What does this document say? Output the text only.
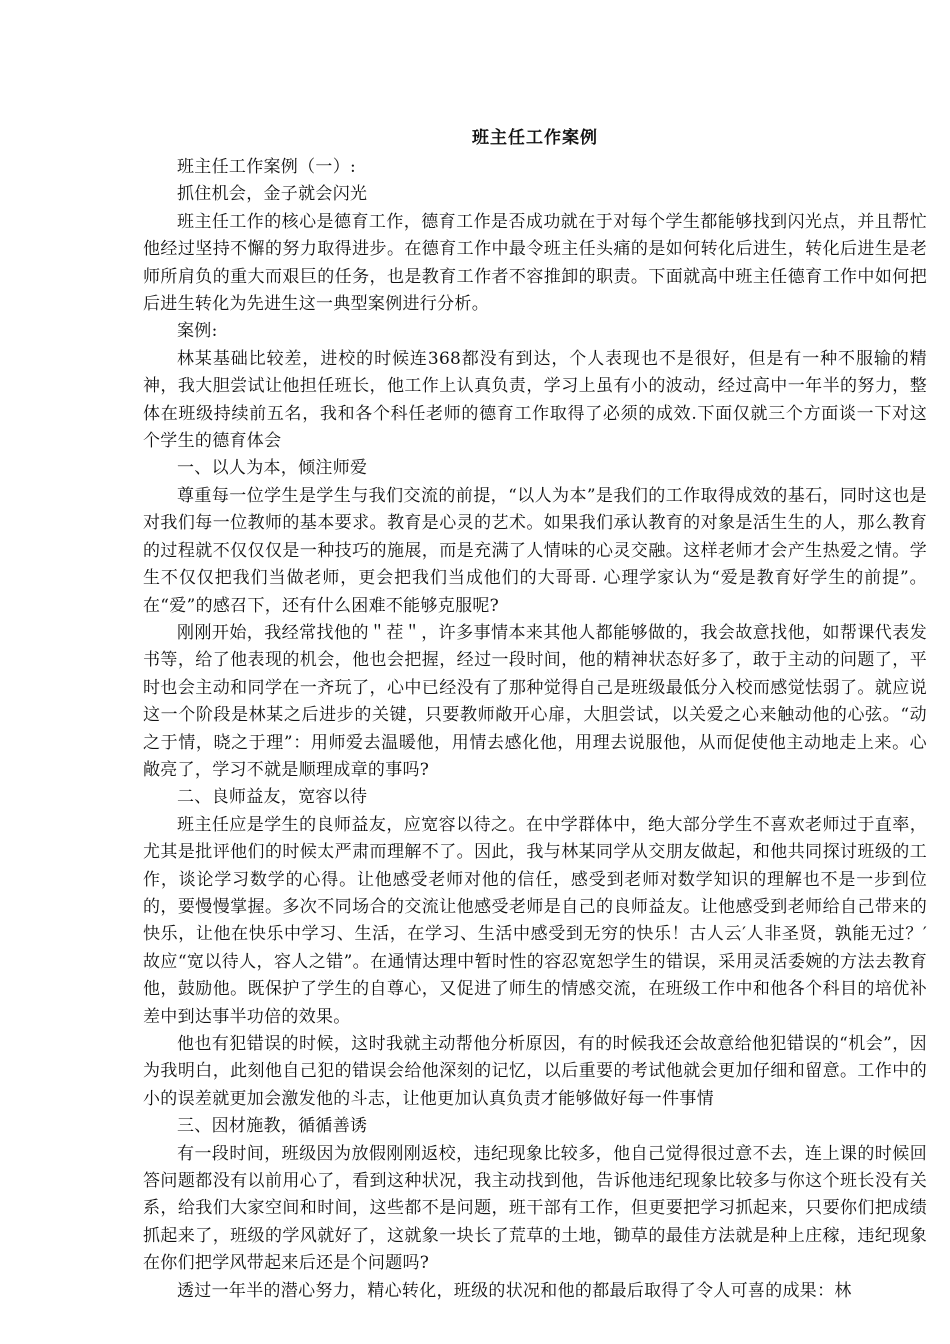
班主任工作案例

班主任工作案例（一）:

抓住机会，金子就会闪光

班主任工作的核心是德育工作，德育工作是否成功就在于对每个学生都能够找到闪光点，并且帮忙他经过坚持不懈的努力取得进步。在德育工作中最令班主任头痛的是如何转化后进生，转化后进生是老师所肩负的重大而艰巨的任务，也是教育工作者不容推卸的职责。下面就高中班主任德育工作中如何把后进生转化为先进生这一典型案例进行分析。

案例:

林某基础比较差，进校的时候连368都没有到达，个人表现也不是很好，但是有一种不服输的精神，我大胆尝试让他担任班长，他工作上认真负责，学习上虽有小的波动，经过高中一年半的努力，整体在班级持续前五名，我和各个科任老师的德育工作取得了必须的成效.下面仅就三个方面谈一下对这个学生的德育体会

一、以人为本，倾注师爱

尊重每一位学生是学生与我们交流的前提，“以人为本”是我们的工作取得成效的基石，同时这也是对我们每一位教师的基本要求。教育是心灵的艺术。如果我们承认教育的对象是活生生的人，那么教育的过程就不仅仅仅是一种技巧的施展，而是充满了人情味的心灵交融。这样老师才会产生热爱之情。学生不仅仅把我们当做老师，更会把我们当成他们的大哥哥. 心理学家认为“爱是教育好学生的前提”。在“爱”的感召下，还有什么困难不能够克服呢?

刚刚开始，我经常找他的＂茬＂，许多事情本来其他人都能够做的，我会故意找他，如帮课代表发书等，给了他表现的机会，他也会把握，经过一段时间，他的精神状态好多了，敢于主动的问题了，平时也会主动和同学在一齐玩了，心中已经没有了那种觉得自己是班级最低分入校而感觉怯弱了。就应说这一个阶段是林某之后进步的关键，只要教师敞开心扉，大胆尝试，以关爱之心来触动他的心弦。“动之于情，晓之于理”：用师爱去温暖他，用情去感化他，用理去说服他，从而促使他主动地走上来。心敞亮了，学习不就是顺理成章的事吗?

二、良师益友，宽容以待

班主任应是学生的良师益友，应宽容以待之。在中学群体中，绝大部分学生不喜欢老师过于直率，尤其是批评他们的时候太严肃而理解不了。因此，我与林某同学从交朋友做起，和他共同探讨班级的工作，谈论学习数学的心得。让他感受老师对他的信任，感受到老师对数学知识的理解也不是一步到位的，要慢慢掌握。多次不同场合的交流让他感受老师是自己的良师益友。让他感受到老师给自己带来的快乐，让他在快乐中学习、生活，在学习、生活中感受到无穷的快乐！古人云′人非圣贤，孰能无过？′故应“宽以待人，容人之错”。在通情达理中暂时性的容忍宽恕学生的错误，采用灵活委婉的方法去教育他，鼓励他。既保护了学生的自尊心，又促进了师生的情感交流，在班级工作中和他各个科目的培优补差中到达事半功倍的效果。

他也有犯错误的时候，这时我就主动帮他分析原因，有的时候我还会故意给他犯错误的“机会”，因为我明白，此刻他自己犯的错误会给他深刻的记忆，以后重要的考试他就会更加仔细和留意。工作中的小的误差就更加会激发他的斗志，让他更加认真负责才能够做好每一件事情

三、因材施教，循循善诱

有一段时间，班级因为放假刚刚返校，违纪现象比较多，他自己觉得很过意不去，连上课的时候回答问题都没有以前用心了，看到这种状况，我主动找到他，告诉他违纪现象比较多与你这个班长没有关系，给我们大家空间和时间，这些都不是问题，班干部有工作，但更要把学习抓起来，只要你们把成绩抓起来了，班级的学风就好了，这就象一块长了荒草的土地，锄草的最佳方法就是种上庄稼，违纪现象在你们把学风带起来后还是个问题吗?

透过一年半的潜心努力，精心转化，班级的状况和他的都最后取得了令人可喜的成果：林
